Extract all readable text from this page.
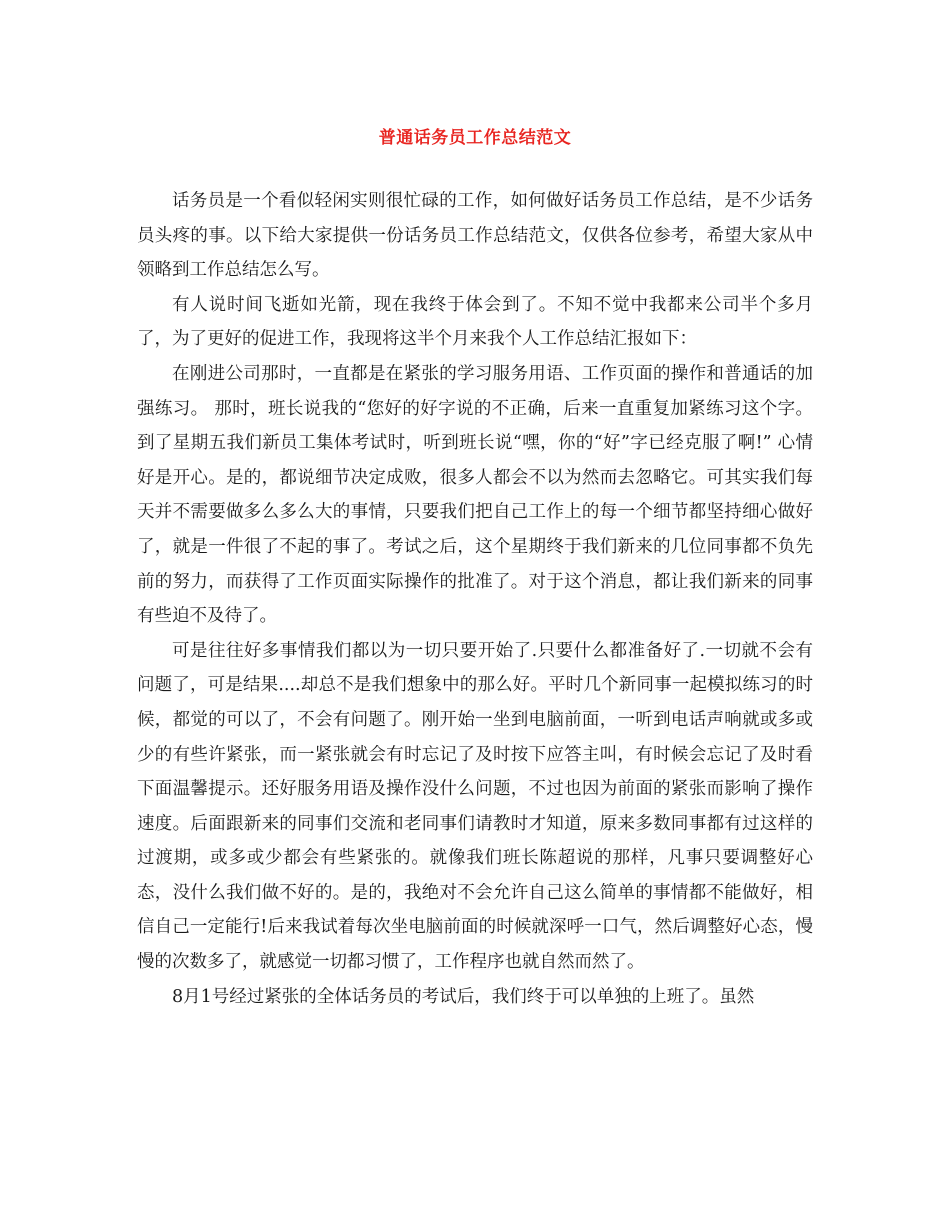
普通话务员工作总结范文

话务员是一个看似轻闲实则很忙碌的工作，如何做好话务员工作总结，是不少话务员头疼的事。以下给大家提供一份话务员工作总结范文，仅供各位参考，希望大家从中领略到工作总结怎么写。

有人说时间飞逝如光箭，现在我终于体会到了。不知不觉中我都来公司半个多月了，为了更好的促进工作，我现将这半个月来我个人工作总结汇报如下：

在刚进公司那时，一直都是在紧张的学习服务用语、工作页面的操作和普通话的加强练习。 那时，班长说我的“您好的好字说的不正确，后来一直重复加紧练习这个字。到了星期五我们新员工集体考试时，听到班长说“嘿，你的“好”字已经克服了啊!” 心情好是开心。是的，都说细节决定成败，很多人都会不以为然而去忽略它。可其实我们每天并不需要做多么多么大的事情，只要我们把自己工作上的每一个细节都坚持细心做好了，就是一件很了不起的事了。考试之后，这个星期终于我们新来的几位同事都不负先前的努力，而获得了工作页面实际操作的批准了。对于这个消息，都让我们新来的同事有些迫不及待了。

可是往往好多事情我们都以为一切只要开始了.只要什么都准备好了.一切就不会有问题了，可是结果....却总不是我们想象中的那么好。平时几个新同事一起模拟练习的时候，都觉的可以了，不会有问题了。刚开始一坐到电脑前面，一听到电话声响就或多或少的有些许紧张，而一紧张就会有时忘记了及时按下应答主叫，有时候会忘记了及时看下面温馨提示。还好服务用语及操作没什么问题，不过也因为前面的紧张而影响了操作速度。后面跟新来的同事们交流和老同事们请教时才知道，原来多数同事都有过这样的过渡期，或多或少都会有些紧张的。就像我们班长陈超说的那样，凡事只要调整好心态，没什么我们做不好的。是的，我绝对不会允许自己这么简单的事情都不能做好，相信自己一定能行!后来我试着每次坐电脑前面的时候就深呼一口气，然后调整好心态，慢慢的次数多了，就感觉一切都习惯了，工作程序也就自然而然了。

8月1号经过紧张的全体话务员的考试后，我们终于可以单独的上班了。虽然
